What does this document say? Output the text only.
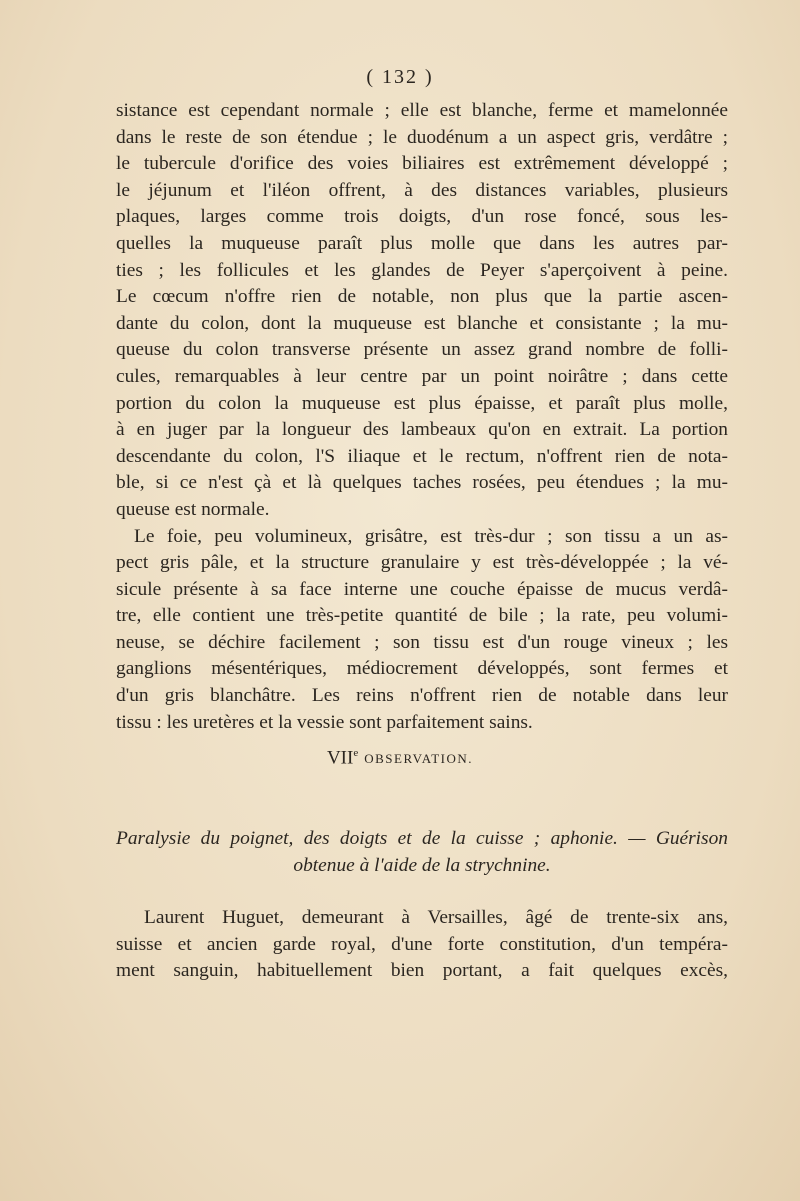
( 132 )

sistance est cependant normale ; elle est blanche, ferme et mamelonnée
dans le reste de son étendue ; le duodénum a un aspect gris, verdâtre ;
le tubercule d'orifice des voies biliaires est extrêmement développé ;
le jéjunum et l'iléon offrent, à des distances variables, plusieurs
plaques, larges comme trois doigts, d'un rose foncé, sous les-
quelles la muqueuse paraît plus molle que dans les autres par-
ties ; les follicules et les glandes de Peyer s'aperçoivent à peine.

Le cœcum n'offre rien de notable, non plus que la partie ascen-
dante du colon, dont la muqueuse est blanche et consistante ; la mu-
queuse du colon transverse présente un assez grand nombre de folli-
cules, remarquables à leur centre par un point noirâtre ; dans cette
portion du colon la muqueuse est plus épaisse, et paraît plus molle,
à en juger par la longueur des lambeaux qu'on en extrait. La portion
descendante du colon, l'S iliaque et le rectum, n'offrent rien de nota-
ble, si ce n'est çà et là quelques taches rosées, peu étendues ; la mu-
queuse est normale.

Le foie, peu volumineux, grisâtre, est très-dur ; son tissu a un as-
pect gris pâle, et la structure granulaire y est très-développée ; la vé-
sicule présente à sa face interne une couche épaisse de mucus verdâ-
tre, elle contient une très-petite quantité de bile ; la rate, peu volumi-
neuse, se déchire facilement ; son tissu est d'un rouge vineux ; les
ganglions mésentériques, médiocrement développés, sont fermes et
d'un gris blanchâtre. Les reins n'offrent rien de notable dans leur
tissu : les uretères et la vessie sont parfaitement sains.

VIIe OBSERVATION.
Paralysie du poignet, des doigts et de la cuisse ; aphonie. — Guérison
obtenue à l'aide de la strychnine.
Laurent Huguet, demeurant à Versailles, âgé de trente-six ans,
suisse et ancien garde royal, d'une forte constitution, d'un tempéra-
ment sanguin, habituellement bien portant, a fait quelques excès,
